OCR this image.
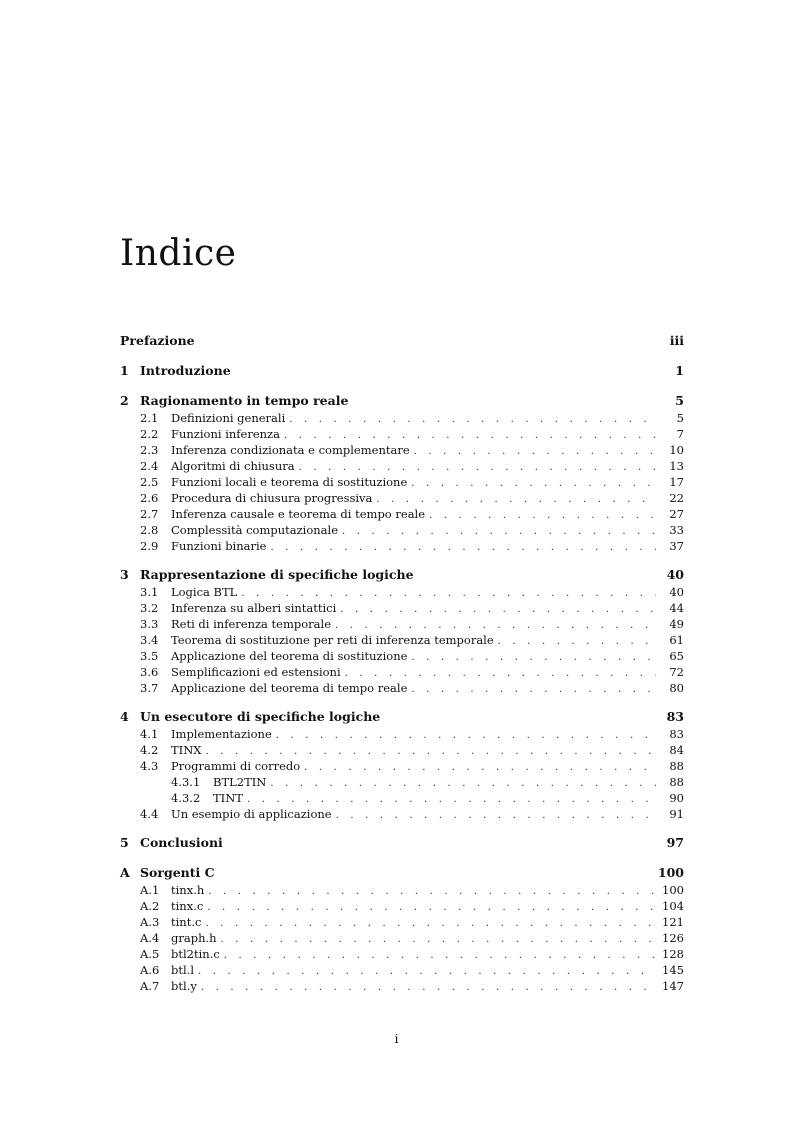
Indice
Prefazione	iii
1 Introduzione	1
2 Ragionamento in tempo reale	5
2.1	Definizioni generali . . .	5
2.2	Funzioni inferenza . . .	7
2.3	Inferenza condizionata e complementare . . .	10
2.4	Algoritmi di chiusura . . .	13
2.5	Funzioni locali e teorema di sostituzione . . .	17
2.6	Procedura di chiusura progressiva . . .	22
2.7	Inferenza causale e teorema di tempo reale . . .	27
2.8	Complessità computazionale . . .	33
2.9	Funzioni binarie . . .	37
3 Rappresentazione di specifiche logiche	40
3.1	Logica BTL . . .	40
3.2	Inferenza su alberi sintattici . . .	44
3.3	Reti di inferenza temporale . . .	49
3.4	Teorema di sostituzione per reti di inferenza temporale . . .	61
3.5	Applicazione del teorema di sostituzione . . .	65
3.6	Semplificazioni ed estensioni . . .	72
3.7	Applicazione del teorema di tempo reale . . .	80
4 Un esecutore di specifiche logiche	83
4.1	Implementazione . . .	83
4.2	TINX . . .	84
4.3	Programmi di corredo . . .	88
4.3.1	BTL2TIN . . .	88
4.3.2	TINT . . .	90
4.4	Un esempio di applicazione . . .	91
5 Conclusioni	97
A Sorgenti C	100
A.1	tinx.h . . .	100
A.2	tinx.c . . .	104
A.3	tint.c . . .	121
A.4	graph.h . . .	126
A.5	btl2tin.c . . .	128
A.6	btl.l . . .	145
A.7	btl.y . . .	147
i
